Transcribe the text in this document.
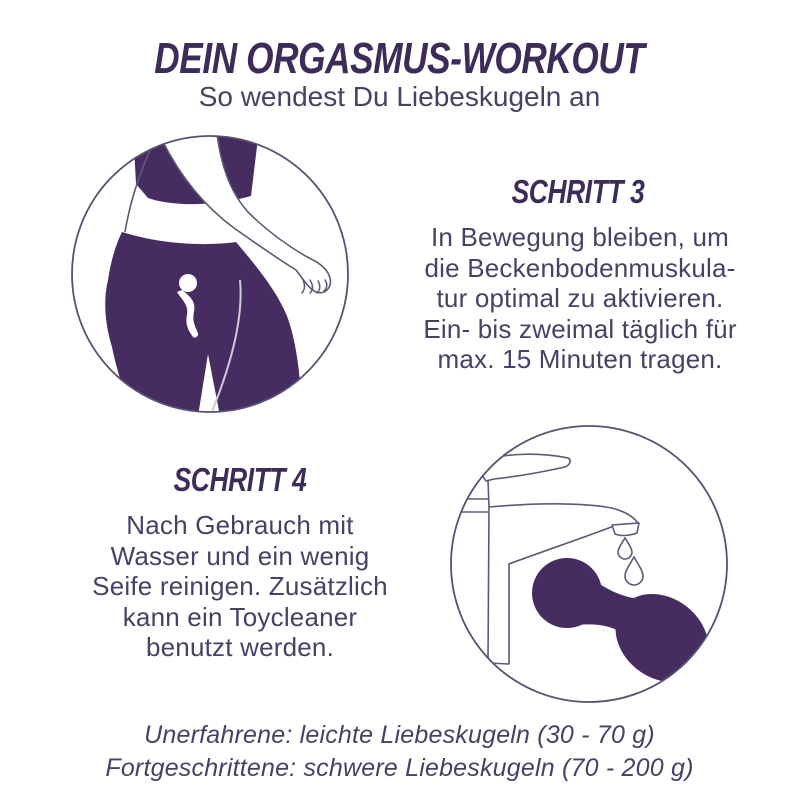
DEIN ORGASMUS-WORKOUT
So wendest Du Liebeskugeln an
SCHRITT 3
In Bewegung bleiben, um
die Beckenbodenmuskula-
tur optimal zu aktivieren.
Ein- bis zweimal täglich für
max. 15 Minuten tragen.
SCHRITT 4
Nach Gebrauch mit
Wasser und ein wenig
Seife reinigen. Zusätzlich
kann ein Toycleaner
benutzt werden.
Unerfahrene: leichte Liebeskugeln (30 - 70 g)
Fortgeschrittene: schwere Liebeskugeln (70 - 200 g)
